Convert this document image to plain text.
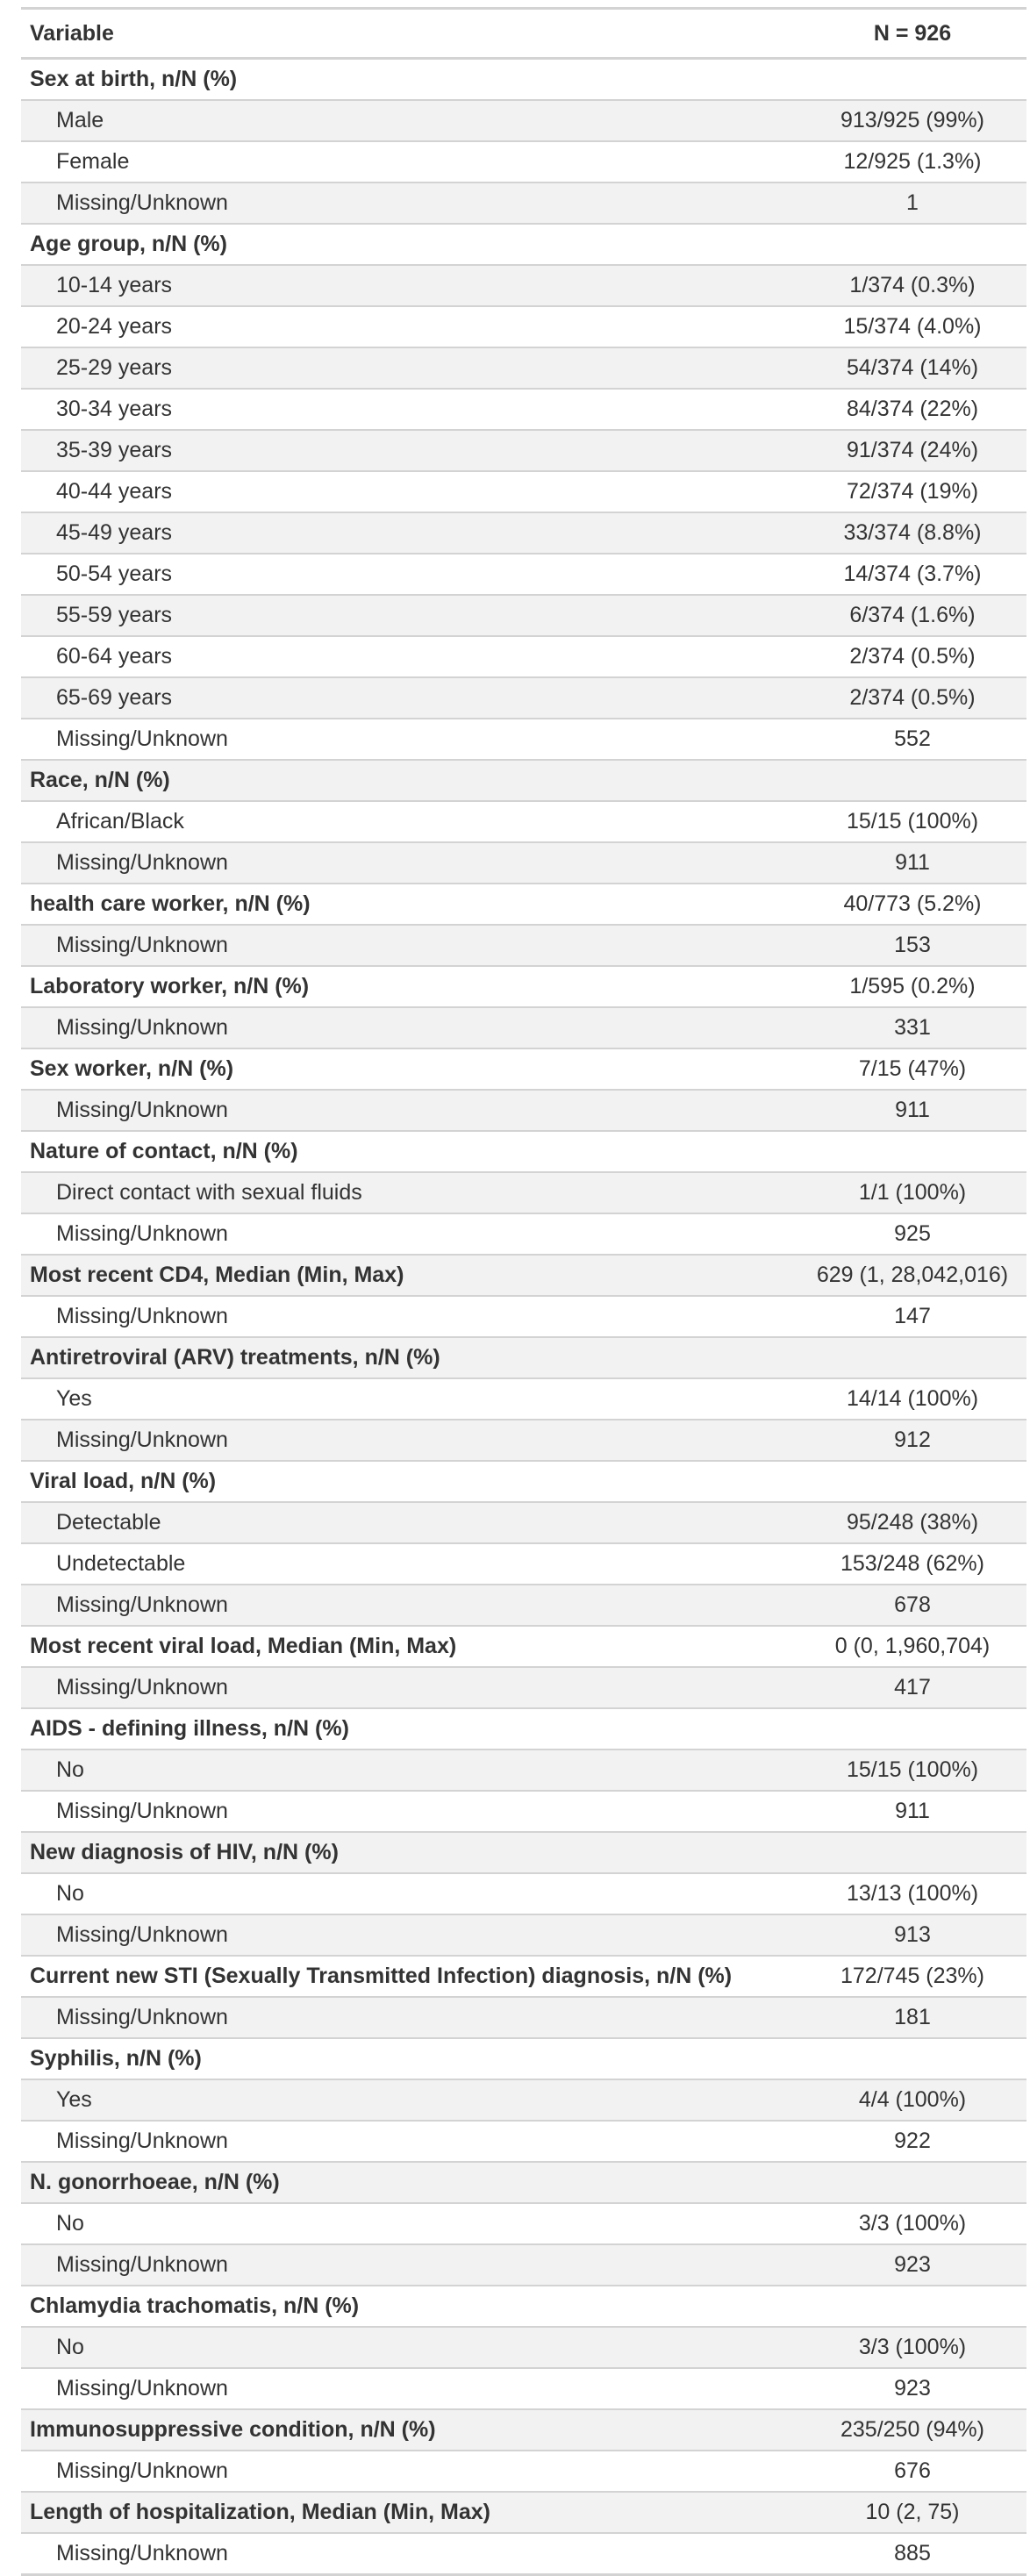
Variable	N = 926
Sex at birth, n/N (%)	
Male	913/925 (99%)
Female	12/925 (1.3%)
Missing/Unknown	1
Age group, n/N (%)	
10-14 years	1/374 (0.3%)
20-24 years	15/374 (4.0%)
25-29 years	54/374 (14%)
30-34 years	84/374 (22%)
35-39 years	91/374 (24%)
40-44 years	72/374 (19%)
45-49 years	33/374 (8.8%)
50-54 years	14/374 (3.7%)
55-59 years	6/374 (1.6%)
60-64 years	2/374 (0.5%)
65-69 years	2/374 (0.5%)
Missing/Unknown	552
Race, n/N (%)	
African/Black	15/15 (100%)
Missing/Unknown	911
health care worker, n/N (%)	40/773 (5.2%)
Missing/Unknown	153
Laboratory worker, n/N (%)	1/595 (0.2%)
Missing/Unknown	331
Sex worker, n/N (%)	7/15 (47%)
Missing/Unknown	911
Nature of contact, n/N (%)	
Direct contact with sexual fluids	1/1 (100%)
Missing/Unknown	925
Most recent CD4, Median (Min, Max)	629 (1, 28,042,016)
Missing/Unknown	147
Antiretroviral (ARV) treatments, n/N (%)	
Yes	14/14 (100%)
Missing/Unknown	912
Viral load, n/N (%)	
Detectable	95/248 (38%)
Undetectable	153/248 (62%)
Missing/Unknown	678
Most recent viral load, Median (Min, Max)	0 (0, 1,960,704)
Missing/Unknown	417
AIDS - defining illness, n/N (%)	
No	15/15 (100%)
Missing/Unknown	911
New diagnosis of HIV, n/N (%)	
No	13/13 (100%)
Missing/Unknown	913
Current new STI (Sexually Transmitted Infection) diagnosis, n/N (%)	172/745 (23%)
Missing/Unknown	181
Syphilis, n/N (%)	
Yes	4/4 (100%)
Missing/Unknown	922
N. gonorrhoeae, n/N (%)	
No	3/3 (100%)
Missing/Unknown	923
Chlamydia trachomatis, n/N (%)	
No	3/3 (100%)
Missing/Unknown	923
Immunosuppressive condition, n/N (%)	235/250 (94%)
Missing/Unknown	676
Length of hospitalization, Median (Min, Max)	10 (2, 75)
Missing/Unknown	885
